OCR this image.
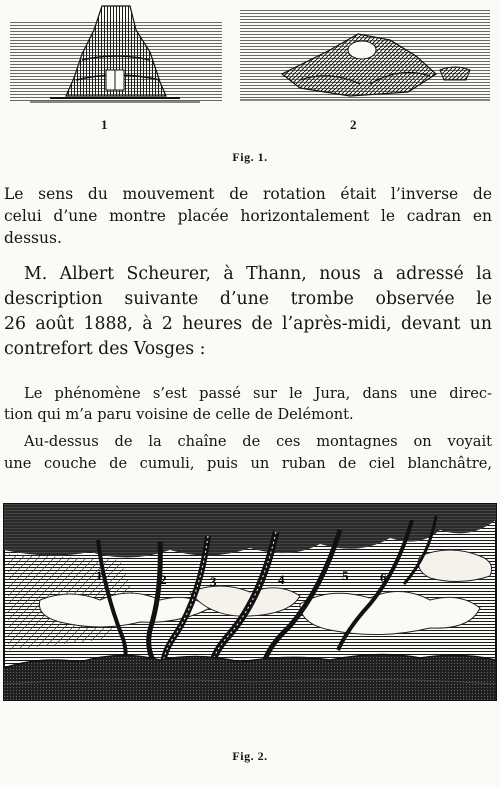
1	2
Fig. 1.
Le sens du mouvement de rotation était l’inverse de
celui d’une montre placée horizontalement le cadran en
dessus.
M. Albert Scheurer, à Thann, nous a adressé la
description suivante d’une trombe observée le
26 août 1888, à 2 heures de l’après-midi, devant un
contrefort des Vosges :
Le phénomène s’est passé sur le Jura, dans une direc-
tion qui m’a paru voisine de celle de Delémont.
Au-dessus de la chaîne de ces montagnes on voyait
une couche de cumuli, puis un ruban de ciel blanchâtre,
1	2	3	4	5 6
Fig. 2.
